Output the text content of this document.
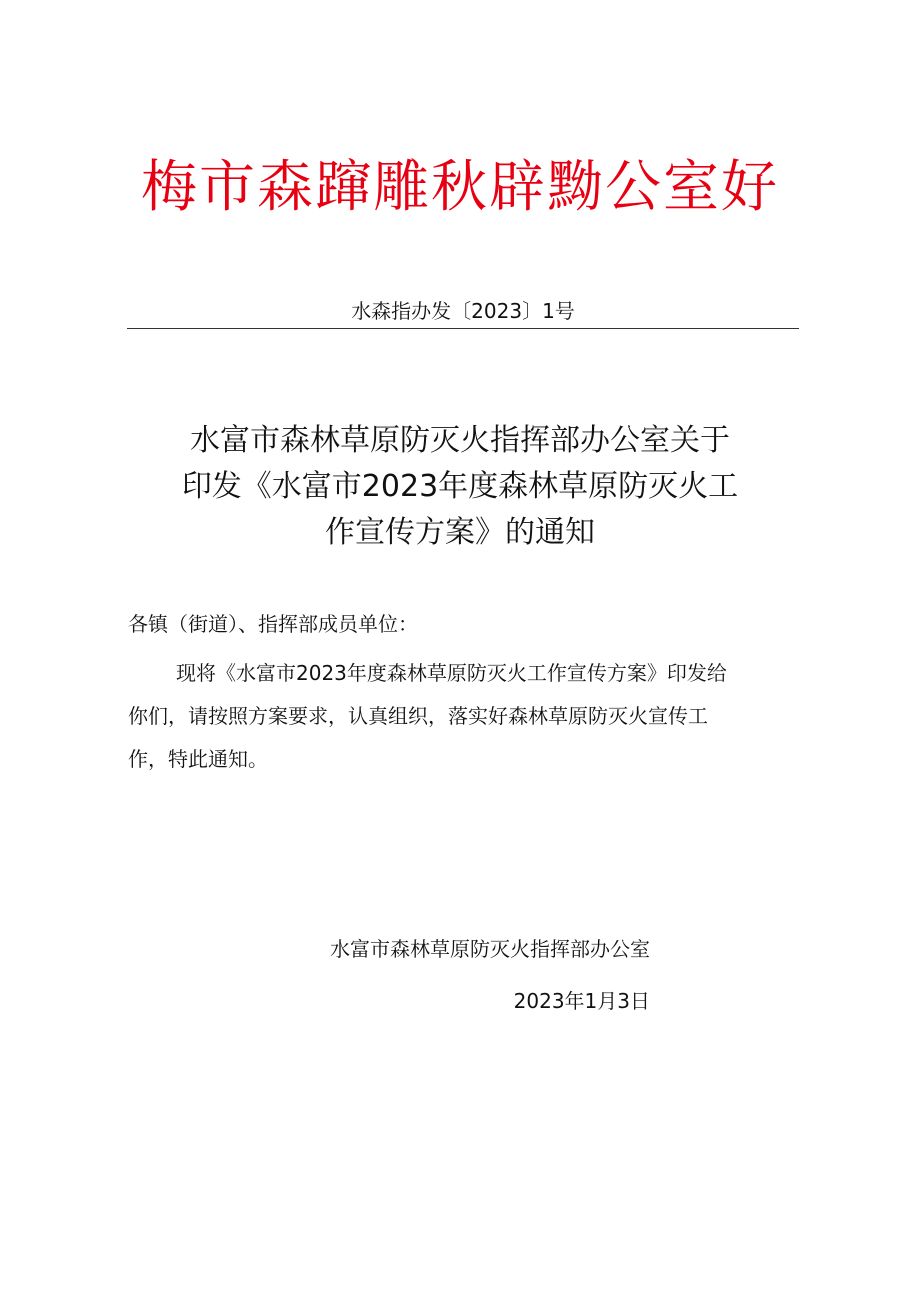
梅市森蹿雕秋辟黝公室好
水森指办发〔2023〕1号
水富市森林草原防灭火指挥部办公室关于
印发《水富市2023年度森林草原防灭火工
作宣传方案》的通知
各镇（街道）、指挥部成员单位：
现将《水富市2023年度森林草原防灭火工作宣传方案》印发给
你们，请按照方案要求，认真组织，落实好森林草原防灭火宣传工
作，特此通知。
水富市森林草原防灭火指挥部办公室
2023年1月3日
